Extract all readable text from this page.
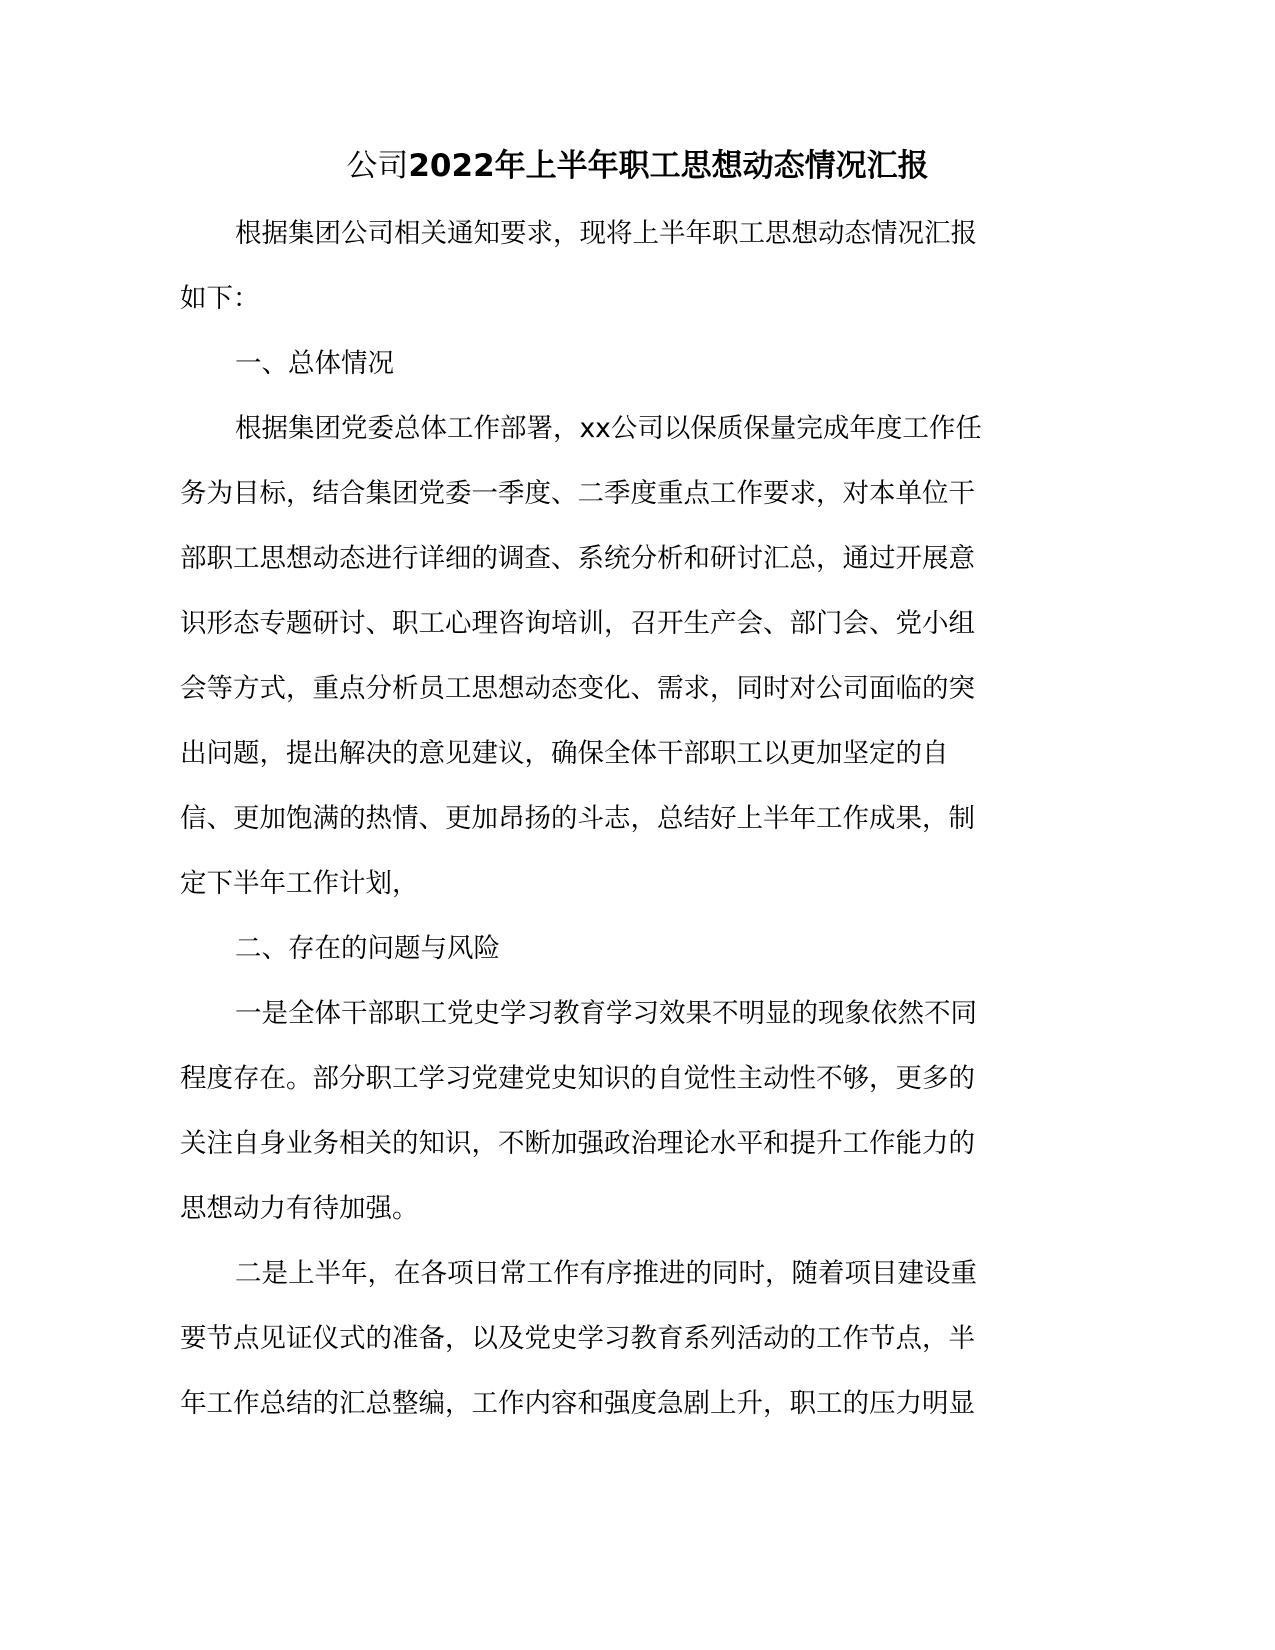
公司2022年上半年职工思想动态情况汇报
根据集团公司相关通知要求，现将上半年职工思想动态情况汇报
如下：
一、总体情况
根据集团党委总体工作部署，xx公司以保质保量完成年度工作任
务为目标，结合集团党委一季度、二季度重点工作要求，对本单位干
部职工思想动态进行详细的调查、系统分析和研讨汇总，通过开展意
识形态专题研讨、职工心理咨询培训，召开生产会、部门会、党小组
会等方式，重点分析员工思想动态变化、需求，同时对公司面临的突
出问题，提出解决的意见建议，确保全体干部职工以更加坚定的自
信、更加饱满的热情、更加昂扬的斗志，总结好上半年工作成果，制
定下半年工作计划，
二、存在的问题与风险
一是全体干部职工党史学习教育学习效果不明显的现象依然不同
程度存在。部分职工学习党建党史知识的自觉性主动性不够，更多的
关注自身业务相关的知识，不断加强政治理论水平和提升工作能力的
思想动力有待加强。
二是上半年，在各项日常工作有序推进的同时，随着项目建设重
要节点见证仪式的准备，以及党史学习教育系列活动的工作节点，半
年工作总结的汇总整编，工作内容和强度急剧上升，职工的压力明显
